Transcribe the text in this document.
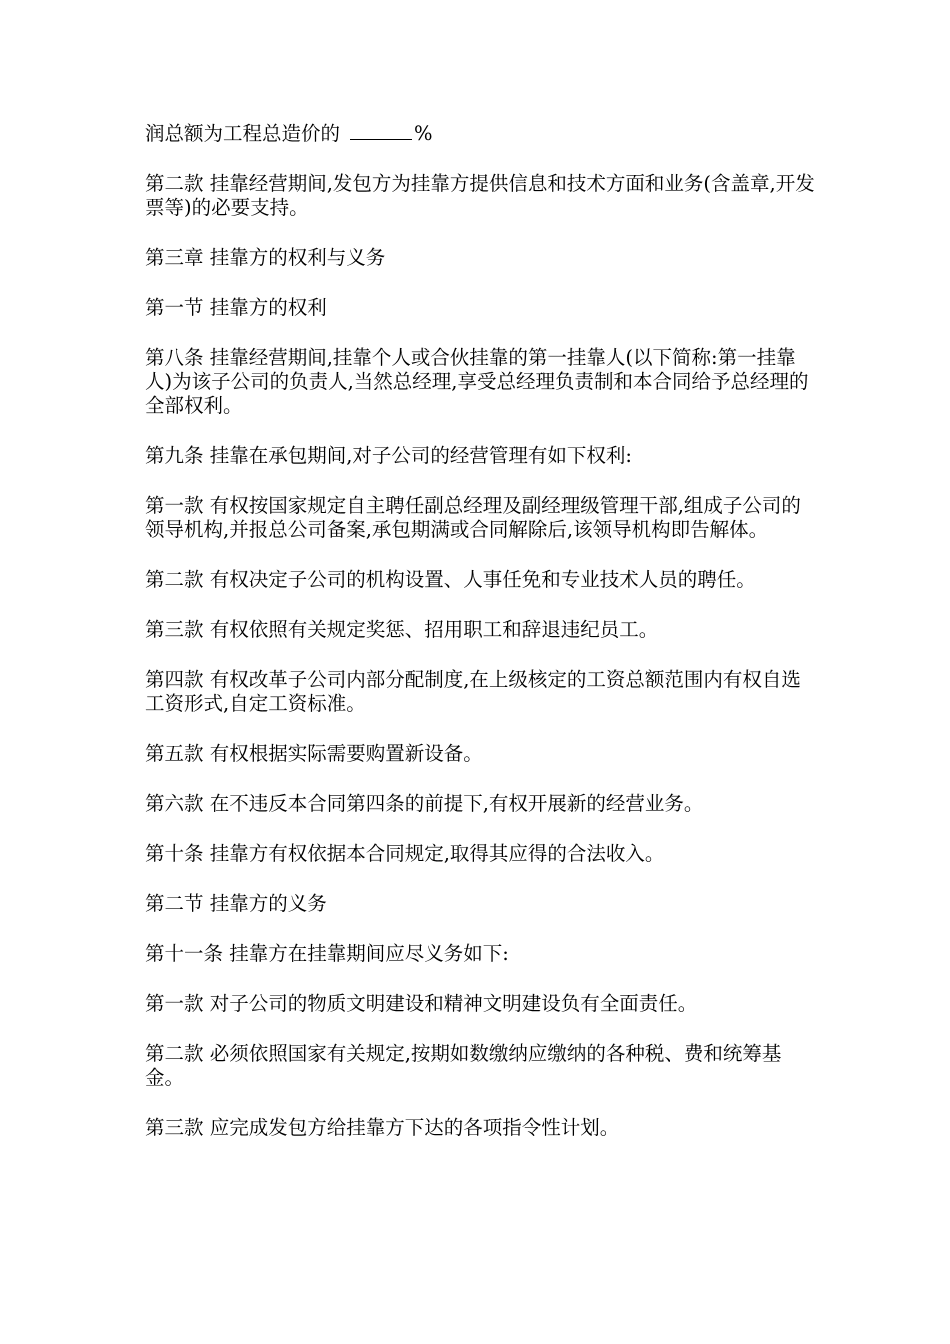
润总额为工程总造价的	%

第二款 挂靠经营期间,发包方为挂靠方提供信息和技术方面和业务(含盖章,开发票等)的必要支持。

第三章 挂靠方的权利与义务

第一节 挂靠方的权利

第八条 挂靠经营期间,挂靠个人或合伙挂靠的第一挂靠人(以下简称:第一挂靠人)为该子公司的负责人,当然总经理,享受总经理负责制和本合同给予总经理的全部权利。

第九条 挂靠在承包期间,对子公司的经营管理有如下权利:

第一款 有权按国家规定自主聘任副总经理及副经理级管理干部,组成子公司的领导机构,并报总公司备案,承包期满或合同解除后,该领导机构即告解体。

第二款 有权决定子公司的机构设置、人事任免和专业技术人员的聘任。

第三款 有权依照有关规定奖惩、招用职工和辞退违纪员工。

第四款 有权改革子公司内部分配制度,在上级核定的工资总额范围内有权自选工资形式,自定工资标准。

第五款 有权根据实际需要购置新设备。

第六款 在不违反本合同第四条的前提下,有权开展新的经营业务。

第十条 挂靠方有权依据本合同规定,取得其应得的合法收入。

第二节 挂靠方的义务

第十一条 挂靠方在挂靠期间应尽义务如下:

第一款 对子公司的物质文明建设和精神文明建设负有全面责任。

第二款 必须依照国家有关规定,按期如数缴纳应缴纳的各种税、费和统筹基金。

第三款 应完成发包方给挂靠方下达的各项指令性计划。
